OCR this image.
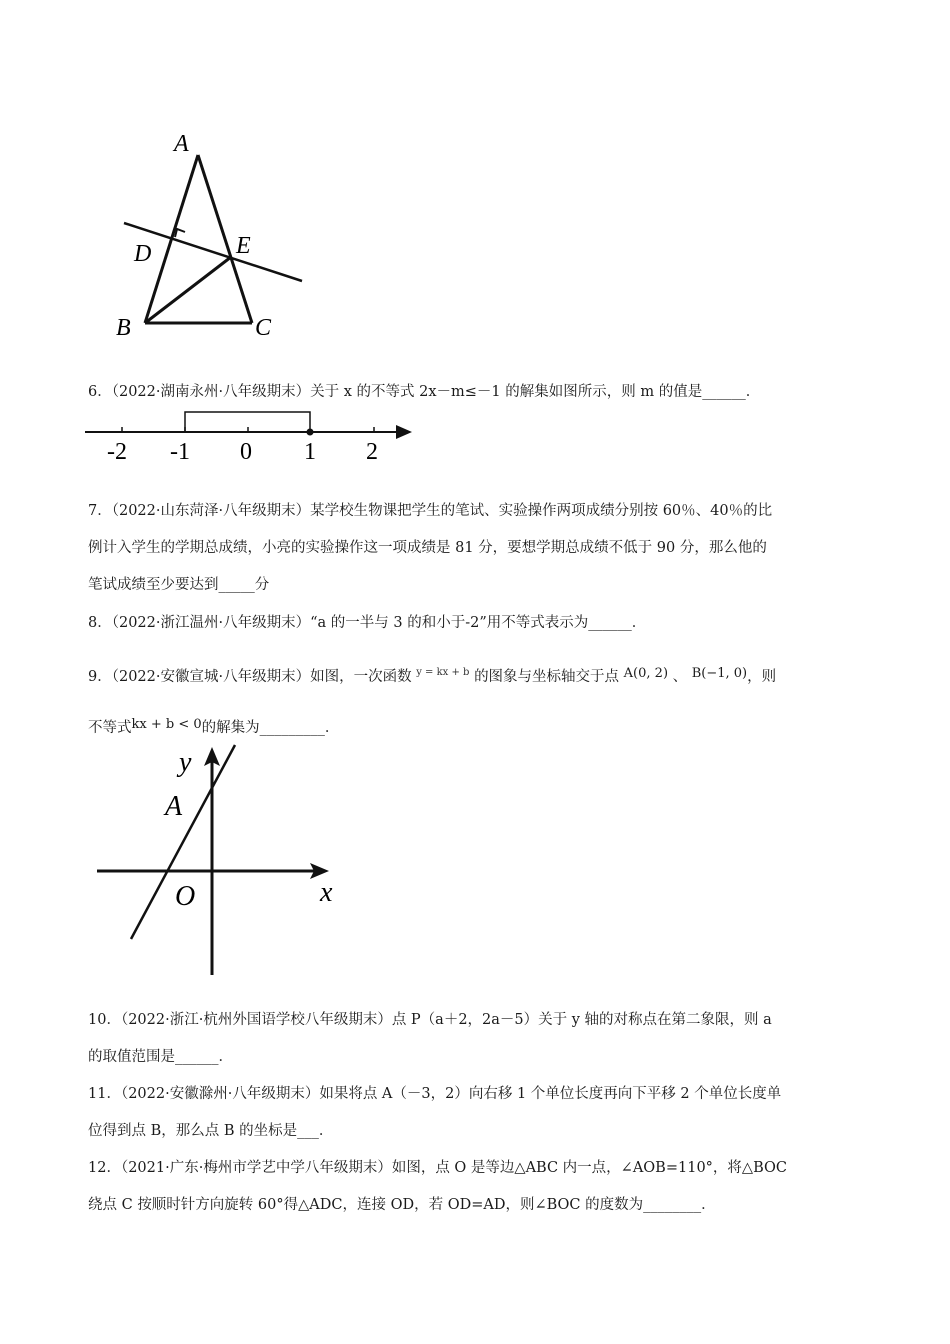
A
D	E
B	C
6．（2022·湖南永州·八年级期末）关于 x 的不等式 2x－m≤－1 的解集如图所示，则 m 的值是______．
-2 -1 0 1 2
7．（2022·山东菏泽·八年级期末）某学校生物课把学生的笔试、实验操作两项成绩分别按 60％、40％的比
例计入学生的学期总成绩，小亮的实验操作这一项成绩是 81 分，要想学期总成绩不低于 90 分，那么他的
笔试成绩至少要达到_____分
8．（2022·浙江温州·八年级期末）“a 的一半与 3 的和小于-2”用不等式表示为______．
9．（2022·安徽宣城·八年级期末）如图，一次函数 $^{y = kx + b}$ 的图象与坐标轴交于点 A(0, 2) 、 B(−1, 0)，则
不等式kx + b < 0的解集为_________．
y
A
O	x
10．（2022·浙江·杭州外国语学校八年级期末）点 P（a＋2，2a－5）关于 y 轴的对称点在第二象限，则 a
的取值范围是______．
11．（2022·安徽滁州·八年级期末）如果将点 A（－3，2）向右移 1 个单位长度再向下平移 2 个单位长度单
位得到点 B，那么点 B 的坐标是___．
12．（2021·广东·梅州市学艺中学八年级期末）如图，点 O 是等边△ABC 内一点，∠AOB=110°，将△BOC
绕点 C 按顺时针方向旋转 60°得△ADC，连接 OD，若 OD=AD，则∠BOC 的度数为________．
